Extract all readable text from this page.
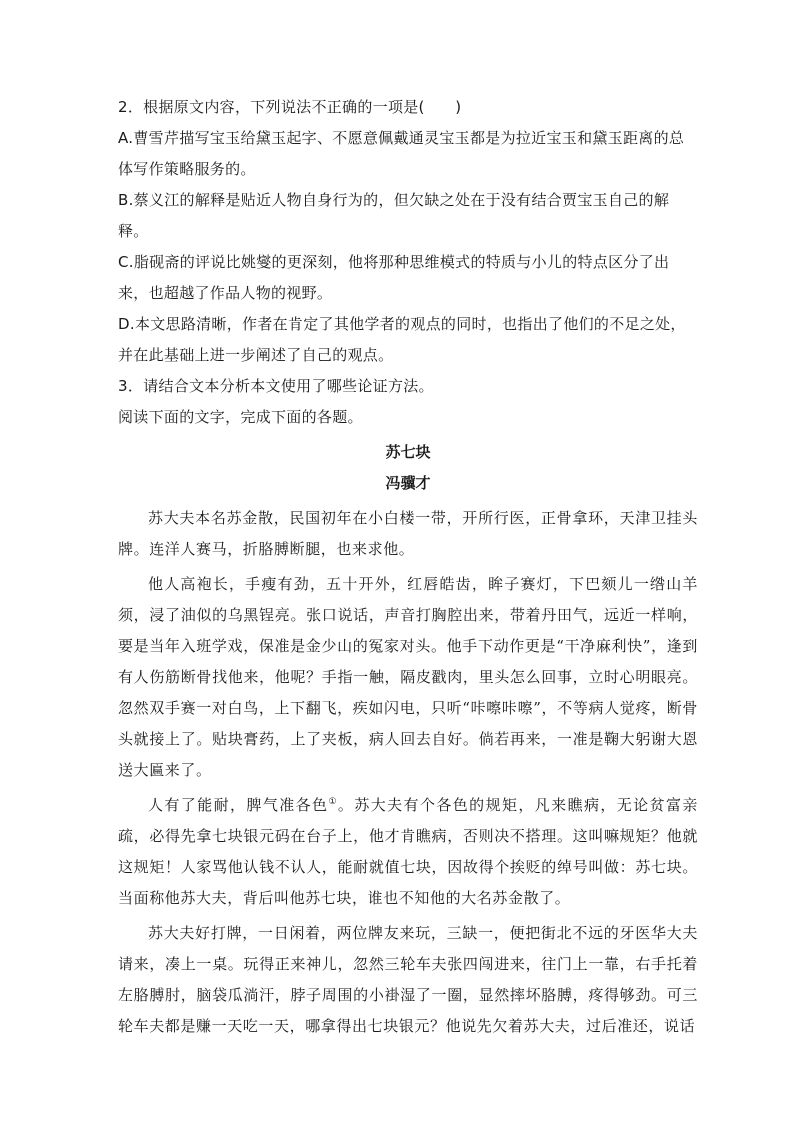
2．根据原文内容，下列说法不正确的一项是(　　)

A.曹雪芹描写宝玉给黛玉起字、不愿意佩戴通灵宝玉都是为拉近宝玉和黛玉距离的总体写作策略服务的。

B.蔡义江的解释是贴近人物自身行为的，但欠缺之处在于没有结合贾宝玉自己的解释。

C.脂砚斋的评说比姚燮的更深刻，他将那种思维模式的特质与小儿的特点区分了出来，也超越了作品人物的视野。

D.本文思路清晰，作者在肯定了其他学者的观点的同时，也指出了他们的不足之处，并在此基础上进一步阐述了自己的观点。

3．请结合文本分析本文使用了哪些论证方法。

阅读下面的文字，完成下面的各题。

苏七块

冯骥才

苏大夫本名苏金散，民国初年在小白楼一带，开所行医，正骨拿环，天津卫挂头牌。连洋人赛马，折胳膊断腿，也来求他。

他人高袍长，手瘦有劲，五十开外，红唇皓齿，眸子赛灯，下巴颏儿一绺山羊须，浸了油似的乌黑锃亮。张口说话，声音打胸腔出来，带着丹田气，远近一样响，要是当年入班学戏，保准是金少山的冤家对头。他手下动作更是“干净麻利快”，逢到有人伤筋断骨找他来，他呢？手指一触，隔皮戳肉，里头怎么回事，立时心明眼亮。忽然双手赛一对白鸟，上下翻飞，疾如闪电，只听“咔嚓咔嚓”，不等病人觉疼，断骨头就接上了。贴块膏药，上了夹板，病人回去自好。倘若再来，一准是鞠大躬谢大恩送大匾来了。

人有了能耐，脾气准各色①。苏大夫有个各色的规矩，凡来瞧病，无论贫富亲疏，必得先拿七块银元码在台子上，他才肯瞧病，否则决不搭理。这叫嘛规矩？他就这规矩！人家骂他认钱不认人，能耐就值七块，因故得个挨贬的绰号叫做：苏七块。当面称他苏大夫，背后叫他苏七块，谁也不知他的大名苏金散了。

苏大夫好打牌，一日闲着，两位牌友来玩，三缺一，便把街北不远的牙医华大夫请来，凑上一桌。玩得正来神儿，忽然三轮车夫张四闯进来，往门上一靠，右手托着左胳膊肘，脑袋瓜淌汗，脖子周围的小褂湿了一圈，显然摔坏胳膊，疼得够劲。可三轮车夫都是赚一天吃一天，哪拿得出七块银元？他说先欠着苏大夫，过后准还，说话
